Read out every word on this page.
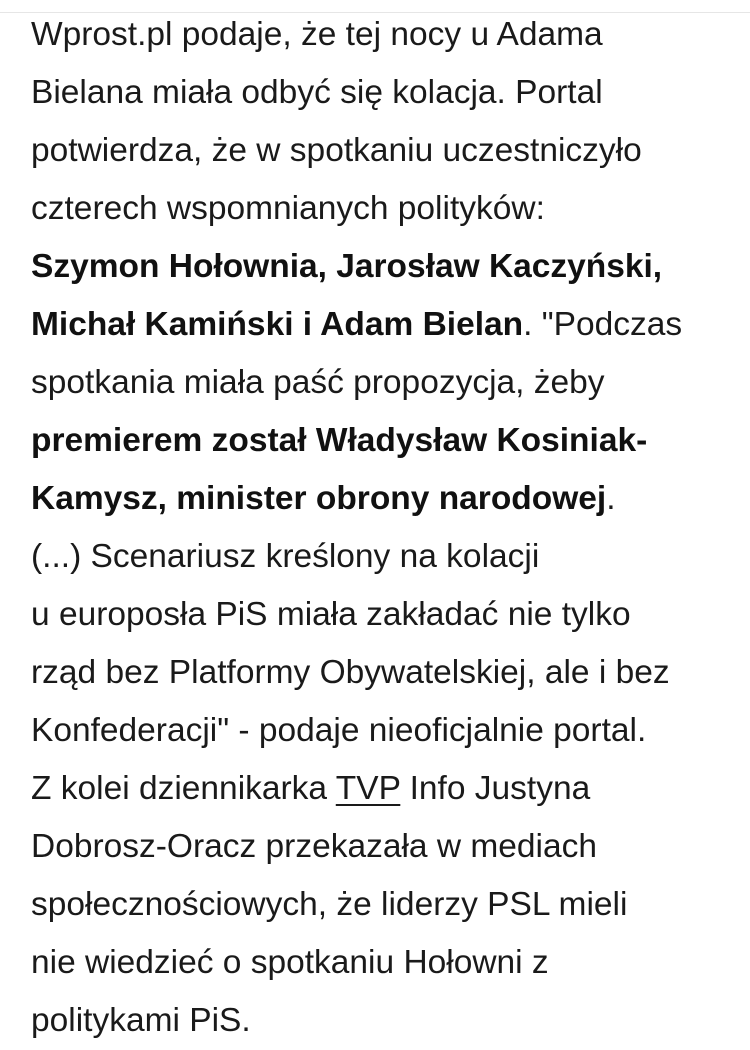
Wprost.pl podaje, że tej nocy u Adama
Bielana miała odbyć się kolacja. Portal
potwierdza, że w spotkaniu uczestniczyło
czterech wspomnianych polityków:
Szymon Hołownia, Jarosław Kaczyński,
Michał Kamiński i Adam Bielan. "Podczas
spotkania miała paść propozycja, żeby
premierem został Władysław Kosiniak-
Kamysz, minister obrony narodowej.
(...) Scenariusz kreślony na kolacji
u europosła PiS miała zakładać nie tylko
rząd bez Platformy Obywatelskiej, ale i bez
Konfederacji" - podaje nieoficjalnie portal.
Z kolei dziennikarka TVP Info Justyna
Dobrosz-Oracz przekazała w mediach
społecznościowych, że liderzy PSL mieli
nie wiedzieć o spotkaniu Hołowni z
politykami PiS.
